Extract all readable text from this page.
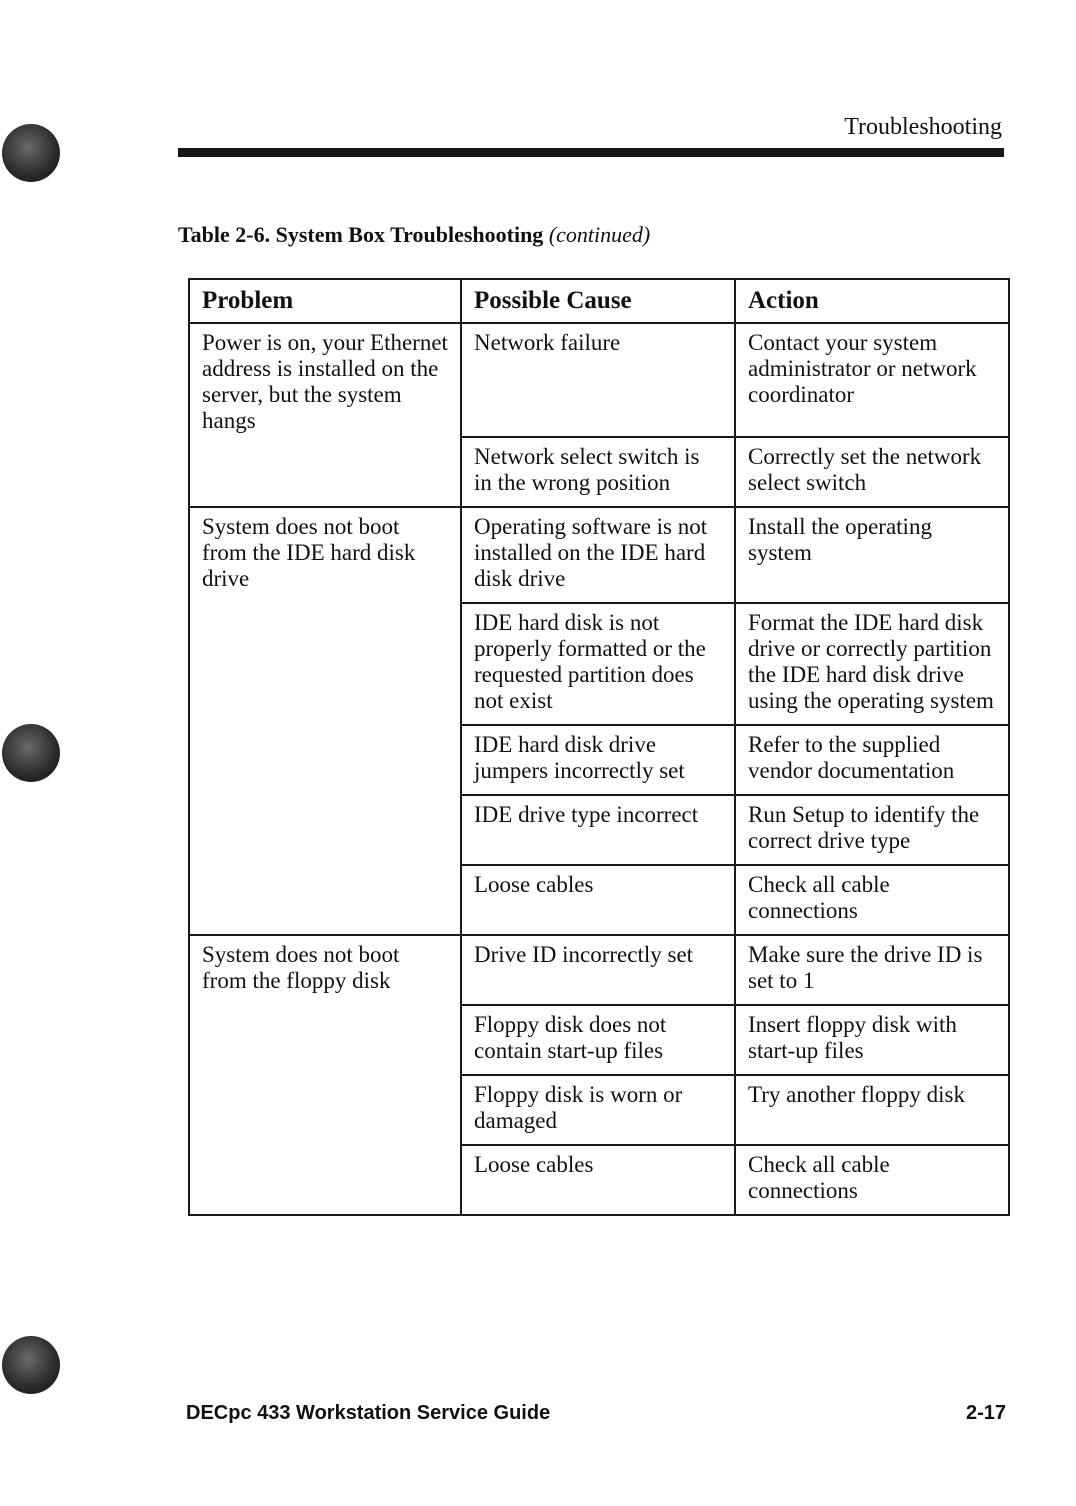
Troubleshooting
Table 2-6. System Box Troubleshooting (continued)
Problem	Possible Cause	Action
Power is on, your Ethernet address is installed on the server, but the system hangs	Network failure	Contact your system administrator or network coordinator
	Network select switch is in the wrong position	Correctly set the network select switch
System does not boot from the IDE hard disk drive	Operating software is not installed on the IDE hard disk drive	Install the operating system
	IDE hard disk is not properly formatted or the requested partition does not exist	Format the IDE hard disk drive or correctly partition the IDE hard disk drive using the operating system
	IDE hard disk drive jumpers incorrectly set	Refer to the supplied vendor documentation
	IDE drive type incorrect	Run Setup to identify the correct drive type
	Loose cables	Check all cable connections
System does not boot from the floppy disk	Drive ID incorrectly set	Make sure the drive ID is set to 1
	Floppy disk does not contain start-up files	Insert floppy disk with start-up files
	Floppy disk is worn or damaged	Try another floppy disk
	Loose cables	Check all cable connections
DECpc 433 Workstation Service Guide	2-17
